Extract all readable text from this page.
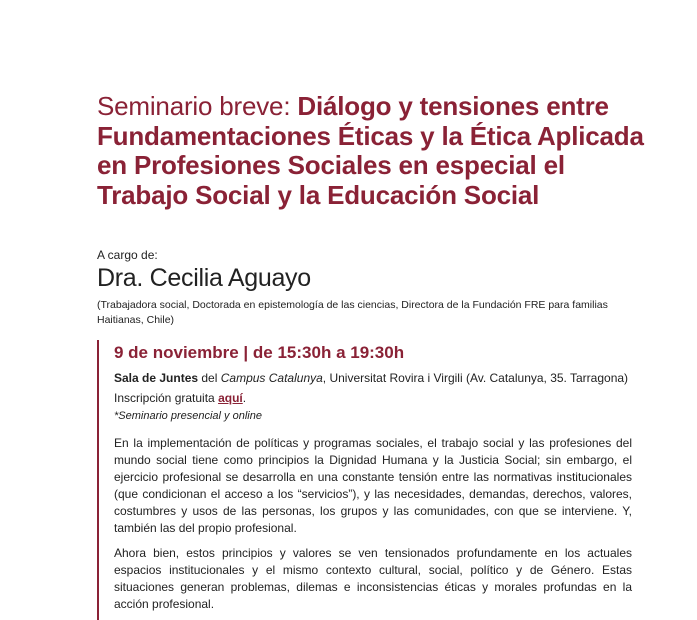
Seminario breve: Diálogo y tensiones entre Fundamentaciones Éticas y la Ética Aplicada en Profesiones Sociales en especial el Trabajo Social y la Educación Social
A cargo de:
Dra. Cecilia Aguayo
(Trabajadora social, Doctorada en epistemología de las ciencias, Directora de la Fundación FRE para familias Haitianas, Chile)
9 de noviembre | de 15:30h a 19:30h
Sala de Juntes del Campus Catalunya, Universitat Rovira i Virgili (Av. Catalunya, 35. Tarragona)
Inscripción gratuita aquí.
*Seminario presencial y online

En la implementación de políticas y programas sociales, el trabajo social y las profesiones del mundo social tiene como principios la Dignidad Humana y la Justicia Social; sin embargo, el ejercicio profesional se desarrolla en una constante tensión entre las normativas institucionales (que condicionan el acceso a los “servicios”), y las necesidades, demandas, derechos, valores, costumbres y usos de las personas, los grupos y las comunidades, con que se interviene. Y, también las del propio profesional.

Ahora bien, estos principios y valores se ven tensionados profundamente en los actuales espacios institucionales y el mismo contexto cultural, social, político y de Género. Estas situaciones generan problemas, dilemas e inconsistencias éticas y morales profundas en la acción profesional.
